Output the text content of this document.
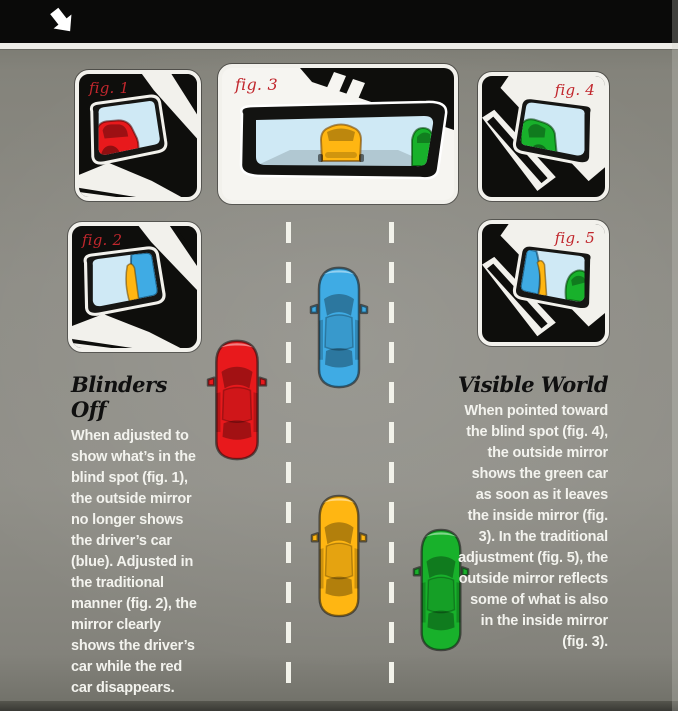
fig. 1
fig. 2
fig. 3	fig. 4
fig. 5
Blinders Off

When adjusted to show what’s in the blind spot (fig. 1), the outside mirror no longer shows the driver’s car (blue). Adjusted in the traditional manner (fig. 2), the mirror clearly shows the driver’s car while the red car disappears.

Visible World

When pointed toward the blind spot (fig. 4), the outside mirror shows the green car as soon as it leaves the inside mirror (fig. 3). In the traditional adjustment (fig. 5), the outside mirror reflects some of what is also in the inside mirror (fig. 3).
